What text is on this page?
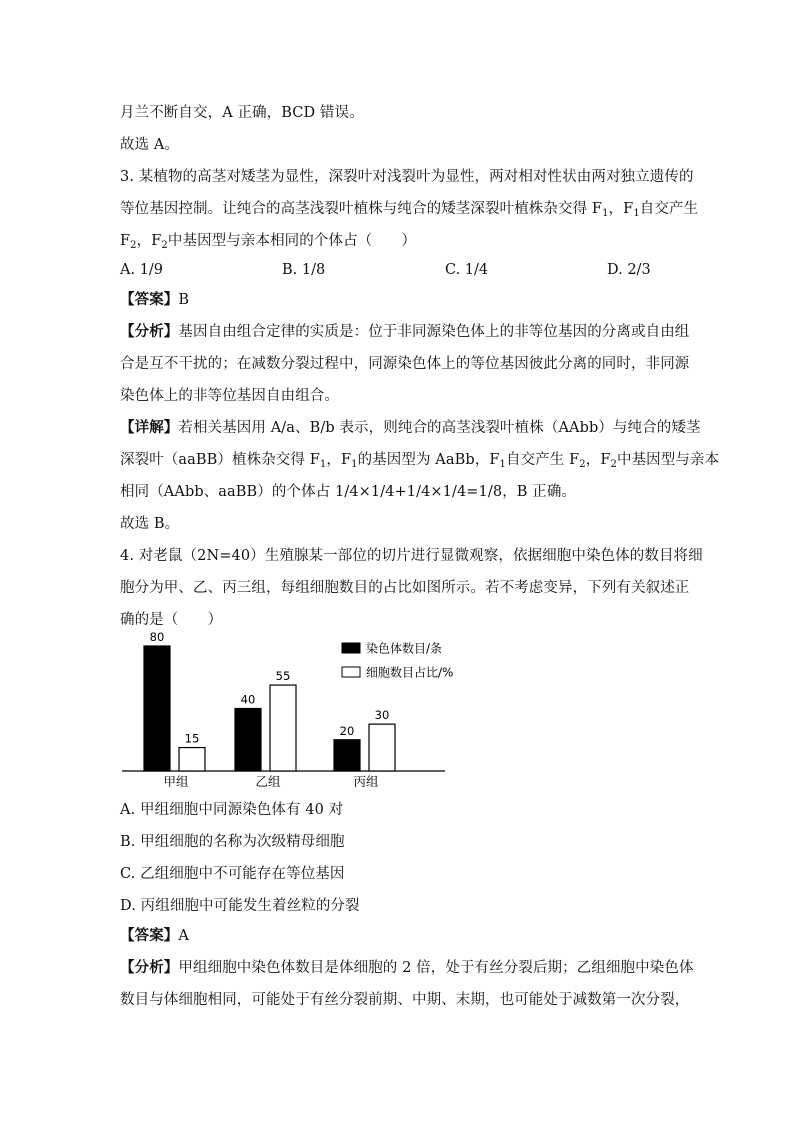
月兰不断自交，A 正确，BCD 错误。
故选 A。
3. 某植物的高茎对矮茎为显性，深裂叶对浅裂叶为显性，两对相对性状由两对独立遗传的
等位基因控制。让纯合的高茎浅裂叶植株与纯合的矮茎深裂叶植株杂交得 $F_1$，$F_1$自交产生
$F_2$，$F_2$中基因型与亲本相同的个体占（　　）
A. 1/9	B. 1/8	C. 1/4	D. 2/3
【答案】B
【分析】基因自由组合定律的实质是：位于非同源染色体上的非等位基因的分离或自由组
合是互不干扰的；在减数分裂过程中，同源染色体上的等位基因彼此分离的同时，非同源
染色体上的非等位基因自由组合。
【详解】若相关基因用 A/a、B/b 表示，则纯合的高茎浅裂叶植株（AAbb）与纯合的矮茎
深裂叶（aaBB）植株杂交得 $F_1$，$F_1$的基因型为 AaBb，$F_1$自交产生 $F_2$，$F_2$中基因型与亲本
相同（AAbb、aaBB）的个体占 1/4×1/4+1/4×1/4=1/8，B 正确。
故选 B。
4. 对老鼠（2N=40）生殖腺某一部位的切片进行显微观察，依据细胞中染色体的数目将细
胞分为甲、乙、丙三组，每组细胞数目的占比如图所示。若不考虑变异，下列有关叙述正
确的是（　　）
80
15
甲组
40
55
乙组
20
30
丙组
染色体数目/条
细胞数目占比/%
A. 甲组细胞中同源染色体有 40 对
B. 甲组细胞的名称为次级精母细胞
C. 乙组细胞中不可能存在等位基因
D. 丙组细胞中可能发生着丝粒的分裂
【答案】A
【分析】甲组细胞中染色体数目是体细胞的 2 倍，处于有丝分裂后期；乙组细胞中染色体
数目与体细胞相同，可能处于有丝分裂前期、中期、末期，也可能处于减数第一次分裂，
